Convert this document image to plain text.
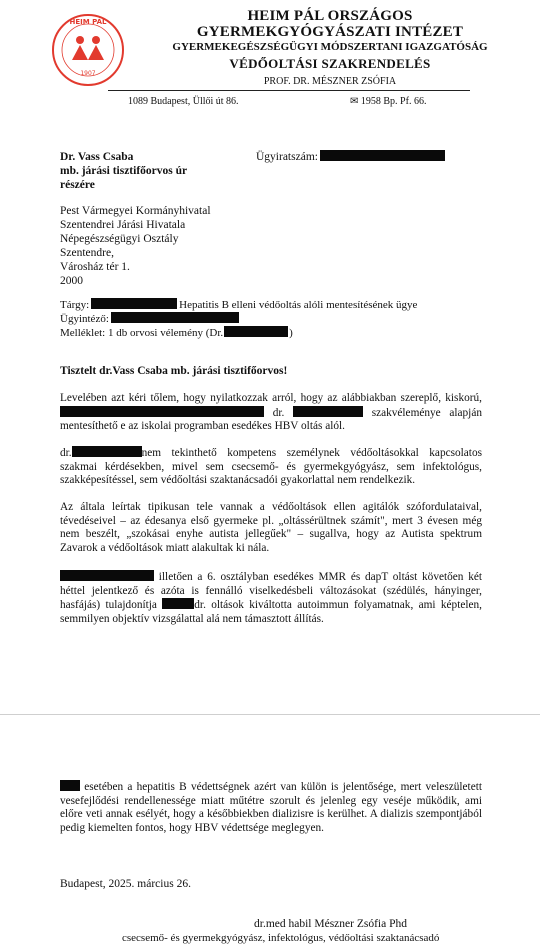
HEIM PÁL
1907
HEIM PÁL ORSZÁGOS
GYERMEKGYÓGYÁSZATI INTÉZET
GYERMEKEGÉSZSÉGÜGYI MÓDSZERTANI IGAZGATÓSÁG
VÉDŐOLTÁSI SZAKRENDELÉS
PROF. DR. MÉSZNER ZSÓFIA
1089 Budapest, Üllői út 86.	✉ 1958 Bp. Pf. 66.
Dr. Vass Csaba
mb. járási tisztifőorvos úr
részére
Ügyiratszám:
Pest Vármegyei Kormányhivatal
Szentendrei Járási Hivatala
Népegészségügyi Osztály
Szentendre,
Városház tér 1.
2000
Tárgy:	Hepatitis B elleni védőoltás alóli mentesítésének ügye
Ügyintéző:
Melléklet: 1 db orvosi vélemény (Dr.	)
Tisztelt dr.Vass Csaba mb. járási tisztifőorvos!

Levelében azt kéri tőlem, hogy nyilatkozzak arról, hogy az alábbiakban szereplő, kiskorú,  dr.	szakvéleménye alapján mentesíthető e az iskolai programban esedékes HBV oltás alól.

dr.	nem tekinthető kompetens személynek védőoltásokkal kapcsolatos szakmai kérdésekben, mivel sem csecsemő- és gyermekgyógyász, sem infektológus, szakképesítéssel, sem védőoltási szaktanácsadói gyakorlattal nem rendelkezik.

Az általa leírtak tipikusan tele vannak a védőoltások ellen agitálók szófordulataival, tévedéseivel – az édesanya első gyermeke pl. „oltássérültnek számít", mert 3 évesen még nem beszélt, „szokásai enyhe autista jellegűek" – sugallva, hogy az Autista spektrum Zavarok a védőoltások miatt alakultak ki nála.

illetően a 6. osztályban esedékes MMR és dapT oltást követően két héttel jelentkező és azóta is fennálló viselkedésbeli változásokat (szédülés, hányinger, hasfájás) tulajdonítja	dr. oltások kiváltotta autoimmun folyamatnak, ami képtelen, semmilyen objektív vizsgálattal alá nem támasztott állítás.

esetében a hepatitis B védettségnek azért van külön is jelentősége, mert veleszületett vesefejlődési rendellenessége miatt műtétre szorult és jelenleg egy veséje működik, ami előre veti annak esélyét, hogy a későbbiekben dializisre is kerülhet. A dializis szempontjából pedig kiemelten fontos, hogy HBV védettsége meglegyen.

Budapest, 2025. március 26.
dr.med habil Mészner Zsófia Phd
csecsemő- és gyermekgyógyász, infektológus, védőoltási szaktanácsadó
